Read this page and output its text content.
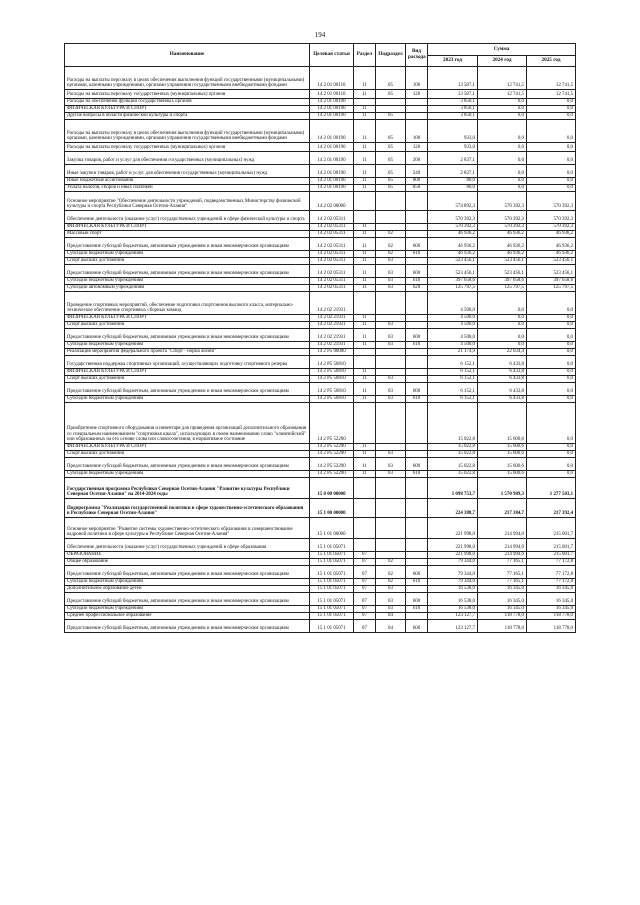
194
Наименование	Целевая статья	Раздел	Подраздел	Вид расхода	Сумма		
					2023 год	2024 год	2025 год
Расходы на выплаты персоналу в целях обеспечения выполнения функций государственными (муниципальными) органами, казенными учреждениями, органами управления государственными внебюджетными фондами	14 2 01 00110	11	05	100	13 587,1	12 741,5	12 741,5
Расходы на выплаты персоналу государственных (муниципальных) органов	14 2 01 00110	11	05	120	13 587,1	12 741,5	12 741,5
Расходы на обеспечение функций государственных органов	14 2 01 00190				3 850,1	0,0	0,0
ФИЗИЧЕСКАЯ КУЛЬТУРА И СПОРТ	14 2 01 00190	11			3 850,1	0,0	0,0
Другие вопросы в области физической культуры и спорта	14 2 01 00190	11	05		3 850,1	0,0	0,0
Расходы на выплаты персоналу в целях обеспечения выполнения функций государственными (муниципальными) органами, казенными учреждениями, органами управления государственными внебюджетными фондами	14 2 01 00190	11	05	100	933,0	0,0	0,0
Расходы на выплаты персоналу государственных (муниципальных) органов	14 2 01 00190	11	05	120	933,0	0,0	0,0
Закупка товаров, работ и услуг для обеспечения государственных (муниципальных) нужд	14 2 01 00190	11	05	200	2 837,1	0,0	0,0
Иные закупки товаров, работ и услуг для обеспечения государственных (муниципальных) нужд	14 2 01 00190	11	05	240	2 837,1	0,0	0,0
Иные бюджетные ассигнования	14 2 01 00190	11	05	800	80,0	0,0	0,0
Уплата налогов, сборов и иных платежей	14 2 01 00190	11	05	850	80,0	0,0	0,0
Основное мероприятие "Обеспечение деятельности учреждений, подведомственных Министерству физической культуры и спорта Республики Северная Осетия-Алания"	14 2 02 00000				574 892,3	570 392,3	570 392,3
Обеспечение деятельности (оказание услуг) государственных учреждений в сфере физической культуры и спорта	14 2 02 05311				570 392,3	570 392,3	570 392,3
ФИЗИЧЕСКАЯ КУЛЬТУРА И СПОРТ	14 2 02 05311	11			570 392,3	570 392,3	570 392,3
Массовый спорт	14 2 02 05311	11	02		46 936,2	46 936,2	46 936,2
Предоставление субсидий бюджетным, автономным учреждениям и иным некоммерческим организациям	14 2 02 05311	11	02	600	46 936,2	46 936,2	46 936,2
Субсидии бюджетным учреждениям	14 2 02 05311	11	02	610	46 936,2	46 936,2	46 936,2
Спорт высших достижений	14 2 02 05311	11	03		523 456,1	523 456,1	523 456,1
Предоставление субсидий бюджетным, автономным учреждениям и иным некоммерческим организациям	14 2 02 05311	11	03	600	523 456,1	523 456,1	523 456,1
Субсидии бюджетным учреждениям	14 2 02 05311	11	03	610	397 658,6	397 658,6	397 658,6
Субсидии автономным учреждениям	14 2 02 05311	11	03	620	125 797,5	125 797,5	125 797,5
Проведение спортивных мероприятий, обеспечение подготовки спортсменов высокого класса, материально-техническое обеспечение спортивных сборных команд	14 2 02 21931				4 500,0	0,0	0,0
ФИЗИЧЕСКАЯ КУЛЬТУРА И СПОРТ	14 2 02 21931	11			4 500,0	0,0	0,0
Спорт высших достижений	14 2 02 21931	11	03		4 500,0	0,0	0,0
Предоставление субсидий бюджетным, автономным учреждениям и иным некоммерческим организациям	14 2 02 21931	11	03	600	4 500,0	0,0	0,0
Субсидии бюджетным учреждениям	14 2 02 21931	11	03	610	4 500,0	0,0	0,0
Реализация мероприятий федерального проекта "Спорт - норма жизни"	14 2 P5 00000				21 174,9	22 034,4	0,0
Государственная поддержка спортивных организаций, осуществляющих подготовку спортивного резерва	14 2 P5 50810				6 152,1	6 433,8	0,0
ФИЗИЧЕСКАЯ КУЛЬТУРА И СПОРТ	14 2 P5 50810	11			6 152,1	6 433,8	0,0
Спорт высших достижений	14 2 P5 50810	11	03		6 152,1	6 433,8	0,0
Предоставление субсидий бюджетным, автономным учреждениям и иным некоммерческим организациям	14 2 P5 50810	11	03	600	6 152,1	6 433,8	0,0
Субсидии бюджетным учреждениям	14 2 P5 50810	11	03	610	6 152,1	6 433,8	0,0
Приобретение спортивного оборудования и инвентаря для приведения организаций дополнительного образования со специальным наименованием "спортивная школа", использующих в своем наименовании слово "олимпийский" или образованных на его основе слова или словосочетания, в нормативное состояние	14 2 P5 52290				15 022,8	15 600,6	0,0
ФИЗИЧЕСКАЯ КУЛЬТУРА И СПОРТ	14 2 P5 52290	11			15 022,8	15 600,6	0,0
Спорт высших достижений	14 2 P5 52290	11	03		15 022,8	15 600,6	0,0
Предоставление субсидий бюджетным, автономным учреждениям и иным некоммерческим организациям	14 2 P5 52290	11	03	600	15 022,8	15 600,6	0,0
Субсидии бюджетным учреждениям	14 2 P5 52290	11	03	610	15 022,8	15 600,6	0,0
Государственная программа Республики Северная Осетия-Алания "Развитие культуры Республики Северная Осетия-Алания" на 2014-2024 годы	15 0 00 00000				1 098 753,7	1 570 989,3	1 277 503,1
Подпрограмма "Реализация государственной политики в сфере художественно-эстетического образования в Республике Северная Осетия-Алания"	15 1 00 00000				224 388,7	217 384,7	217 392,4
Основное мероприятие "Развитие системы художественно-эстетического образования и совершенствование кадровой политики в сфере культуры в Республике Северная Осетия-Алания"	15 1 01 00000				221 998,0	214 994,0	215 001,7
Обеспечение деятельности (оказание услуг) государственных учреждений в сфере образования	15 1 01 05071				221 998,0	214 994,0	215 001,7
ОБРАЗОВАНИЕ	15 1 01 05071	07			221 998,0	214 994,0	215 001,7
Общее образование	15 1 01 05071	07	02		79 344,0	77 165,1	77 172,8
Предоставление субсидий бюджетным, автономным учреждениям и иным некоммерческим организациям	15 1 01 05071	07	02	600	79 344,0	77 165,1	77 172,8
Субсидии бюджетным учреждениям	15 1 01 05071	07	02	610	79 344,0	77 165,1	77 172,8
Дополнительное образование детей	15 1 01 05071	07	03		16 538,0	16 345,0	16 345,0
Предоставление субсидий бюджетным, автономным учреждениям и иным некоммерческим организациям	15 1 01 05071	07	03	600	16 538,0	16 345,0	16 345,0
Субсидии бюджетным учреждениям	15 1 01 05071	07	03	610	16 538,0	16 345,0	16 345,0
Среднее профессиональное образование	15 1 01 05071	07	04		123 127,7	118 778,0	118 778,0
Предоставление субсидий бюджетным, автономным учреждениям и иным некоммерческим организациям	15 1 01 05071	07	04	600	123 127,7	118 778,0	118 778,0
